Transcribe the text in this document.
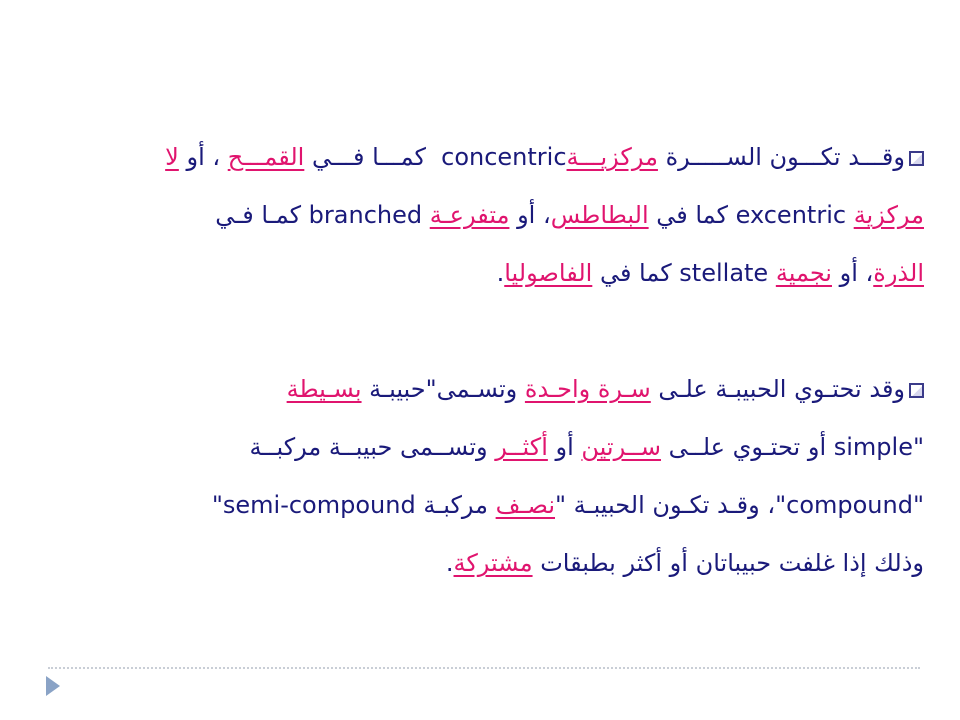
وقـــد تكـــون الســـــرة مركزيـــة concentric كمـــا فـــي القمـــح ، أو لا
مركزية excentric كما في البطاطس، أو متفرعـة branched كمـا فـي
الذرة، أو نجمية stellate كما في الفاصوليا.
وقد تحتـوي الحبيبـة علـى سـرة واحـدة وتسـمى"حبيبـة بسـيطة
simple" أو تحتـوي علــى ســرتين أو أكثــر وتســمى حبيبــة مركبــة
"compound"، وقـد تكـون الحبيبـة "نصـف مركبـة "semi-compound
وذلك إذا غلفت حبيباتان أو أكثر بطبقات مشتركة.
